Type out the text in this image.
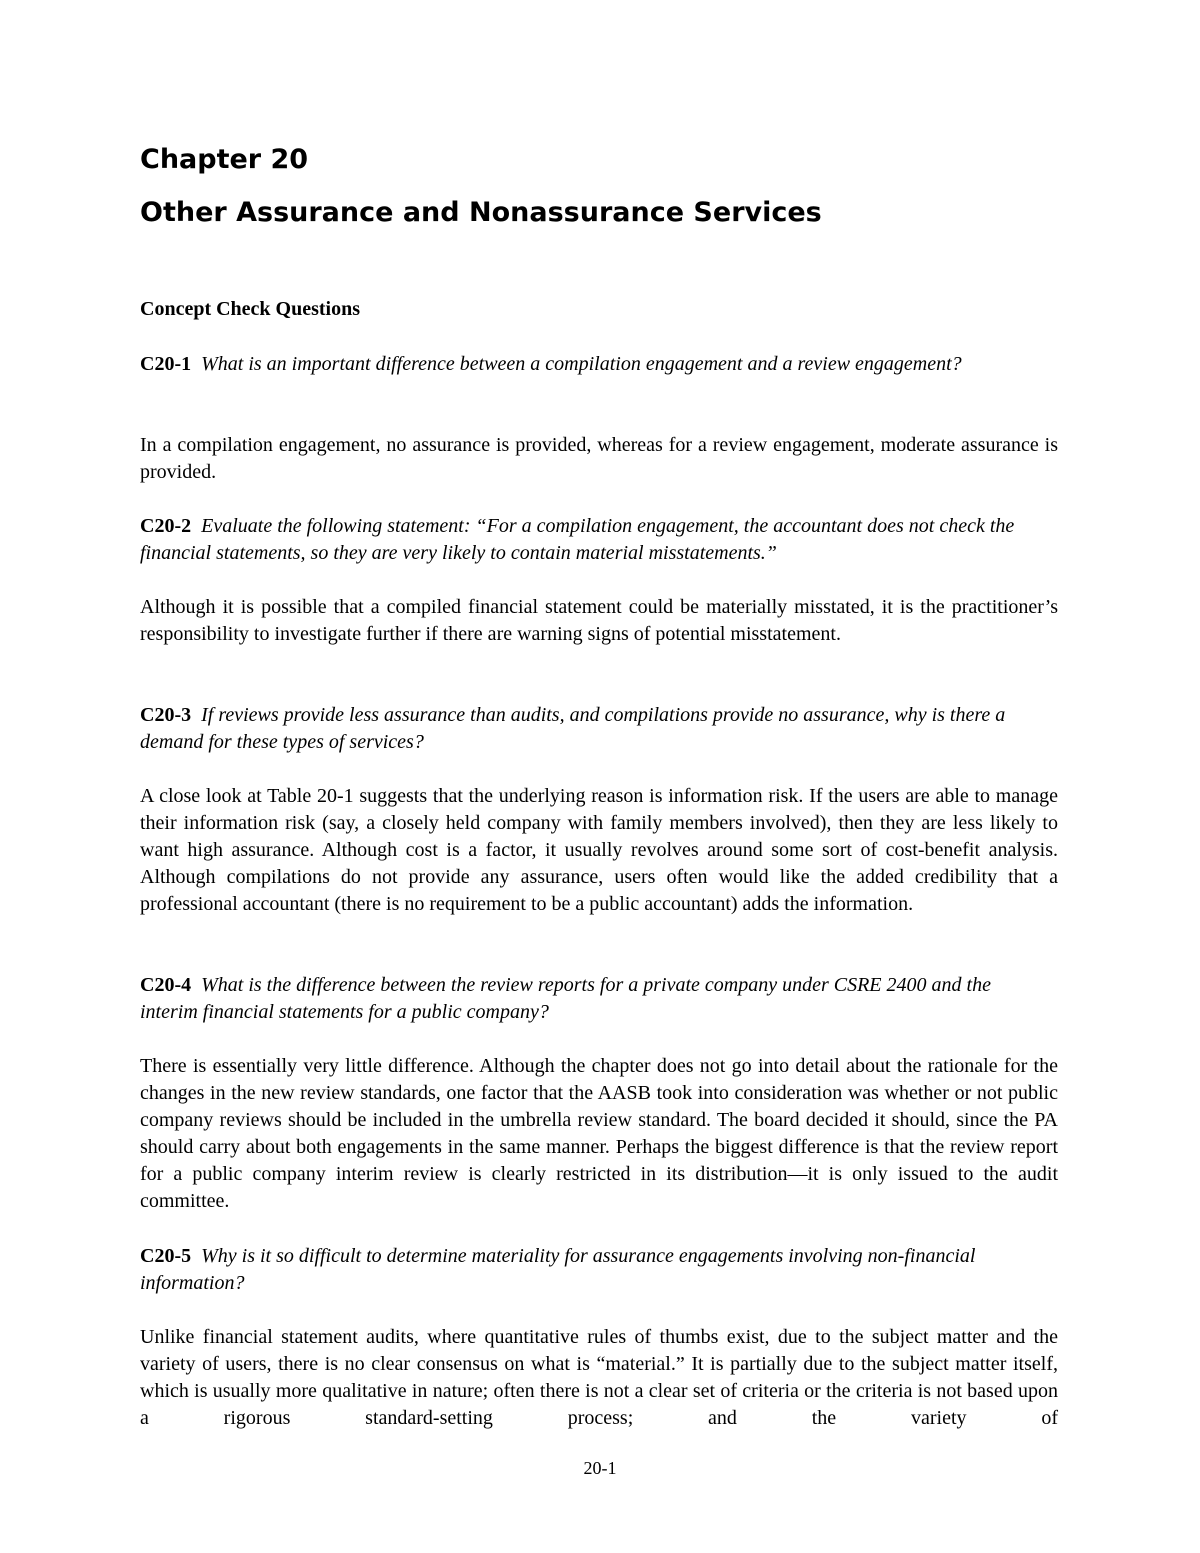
Chapter 20
Other Assurance and Nonassurance Services
Concept Check Questions
C20-1 What is an important difference between a compilation engagement and a review engagement?
In a compilation engagement, no assurance is provided, whereas for a review engagement, moderate assurance is provided.
C20-2 Evaluate the following statement: “For a compilation engagement, the accountant does not check the financial statements, so they are very likely to contain material misstatements.”
Although it is possible that a compiled financial statement could be materially misstated, it is the practitioner’s responsibility to investigate further if there are warning signs of potential misstatement.
C20-3 If reviews provide less assurance than audits, and compilations provide no assurance, why is there a demand for these types of services?
A close look at Table 20-1 suggests that the underlying reason is information risk. If the users are able to manage their information risk (say, a closely held company with family members involved), then they are less likely to want high assurance. Although cost is a factor, it usually revolves around some sort of cost-benefit analysis. Although compilations do not provide any assurance, users often would like the added credibility that a professional accountant (there is no requirement to be a public accountant) adds the information.
C20-4 What is the difference between the review reports for a private company under CSRE 2400 and the interim financial statements for a public company?
There is essentially very little difference. Although the chapter does not go into detail about the rationale for the changes in the new review standards, one factor that the AASB took into consideration was whether or not public company reviews should be included in the umbrella review standard. The board decided it should, since the PA should carry about both engagements in the same manner. Perhaps the biggest difference is that the review report for a public company interim review is clearly restricted in its distribution—it is only issued to the audit committee.
C20-5 Why is it so difficult to determine materiality for assurance engagements involving non-financial information?
Unlike financial statement audits, where quantitative rules of thumbs exist, due to the subject matter and the variety of users, there is no clear consensus on what is “material.” It is partially due to the subject matter itself, which is usually more qualitative in nature; often there is not a clear set of criteria or the criteria is not based upon a rigorous standard-setting process; and the variety of
20-1
